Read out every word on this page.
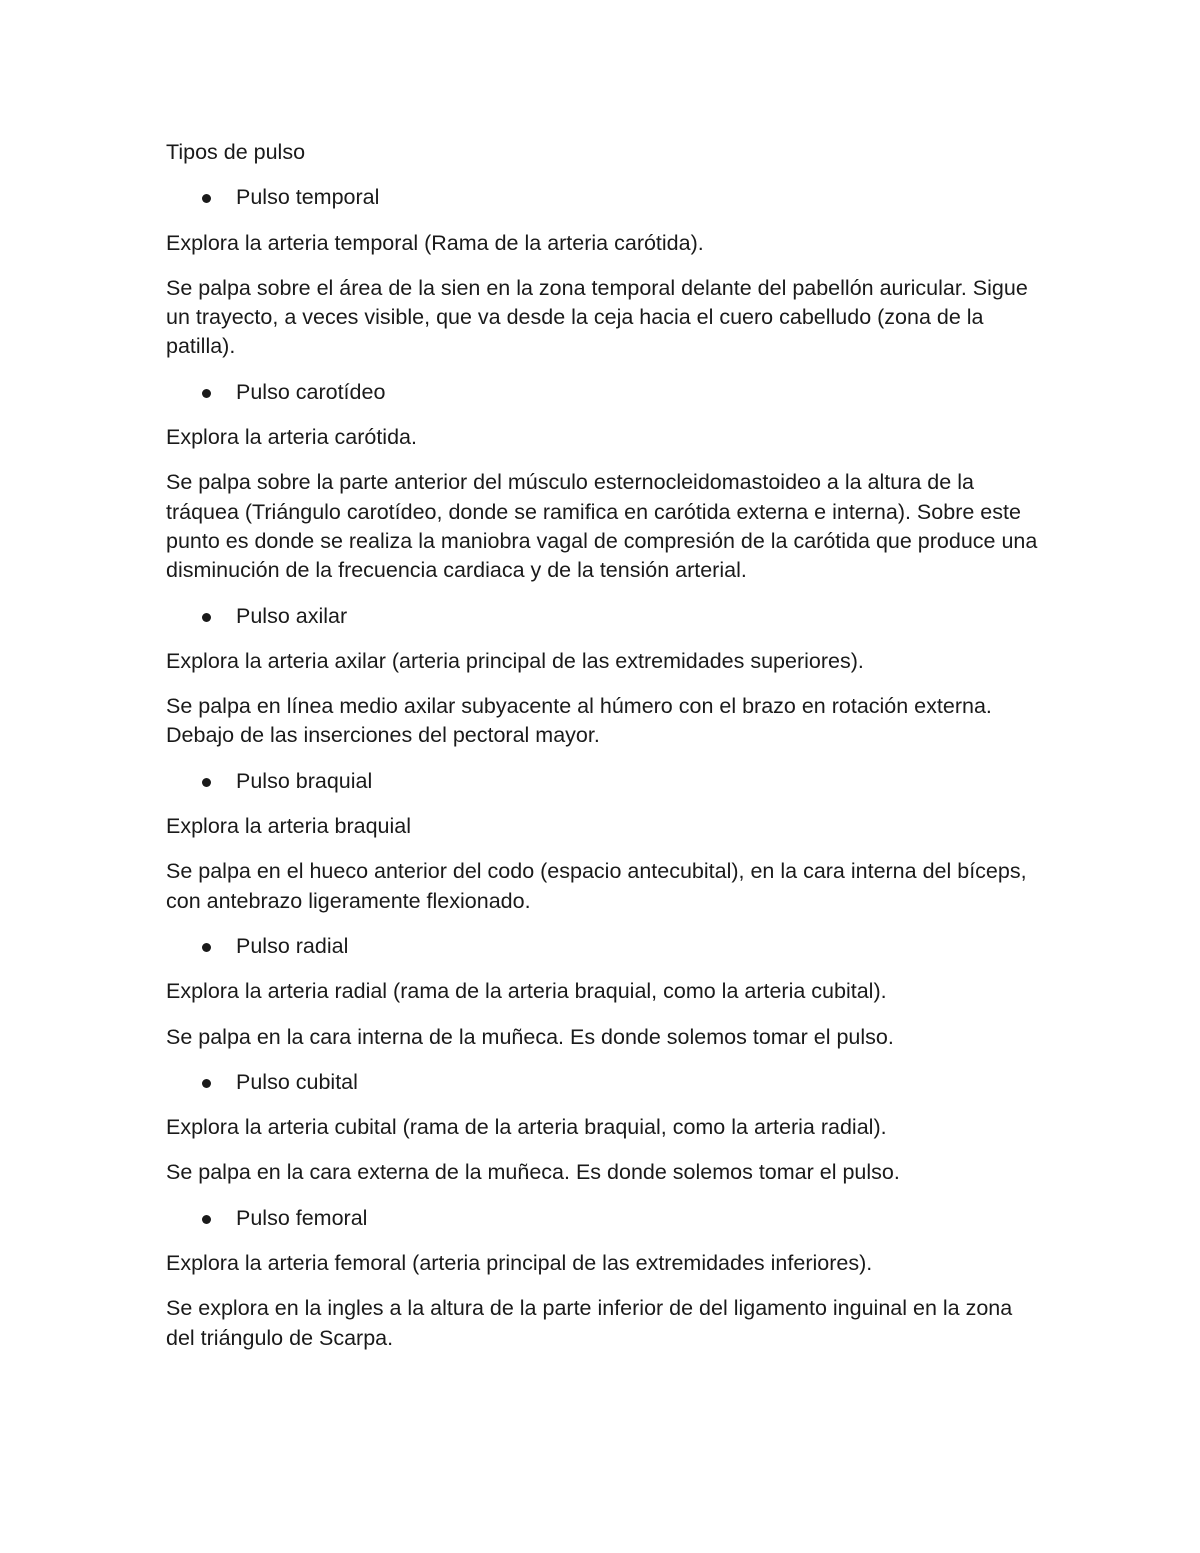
Tipos de pulso

Pulso temporal

Explora la arteria temporal (Rama de la arteria carótida).

Se palpa sobre el área de la sien en la zona temporal delante del pabellón auricular. Sigue un trayecto, a veces visible, que va desde la ceja hacia el cuero cabelludo (zona de la patilla).

Pulso carotídeo

Explora la arteria carótida.

Se palpa sobre la parte anterior del músculo esternocleidomastoideo a la altura de la tráquea (Triángulo carotídeo, donde se ramifica en carótida externa e interna). Sobre este punto es donde se realiza la maniobra vagal de compresión de la carótida que produce una disminución de la frecuencia cardiaca y de la tensión arterial.

Pulso axilar

Explora la arteria axilar (arteria principal de las extremidades superiores).

Se palpa en línea medio axilar subyacente al húmero con el brazo en rotación externa. Debajo de las inserciones del pectoral mayor.

Pulso braquial

Explora la arteria braquial

Se palpa en el hueco anterior del codo (espacio antecubital), en la cara interna del bíceps, con antebrazo ligeramente flexionado.

Pulso radial

Explora la arteria radial (rama de la arteria braquial, como la arteria cubital).

Se palpa en la cara interna de la muñeca. Es donde solemos tomar el pulso.

Pulso cubital

Explora la arteria cubital (rama de la arteria braquial, como la arteria radial).

Se palpa en la cara externa de la muñeca. Es donde solemos tomar el pulso.

Pulso femoral

Explora la arteria femoral (arteria principal de las extremidades inferiores).

Se explora en la ingles a la altura de la parte inferior de del ligamento inguinal en la zona del triángulo de Scarpa.
